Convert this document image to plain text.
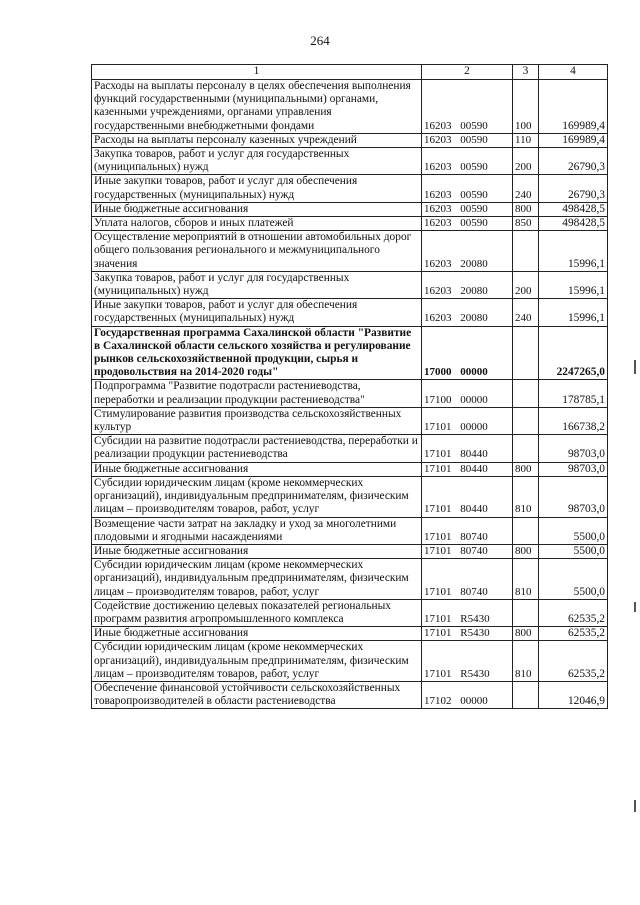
264
1	2	3	4
Расходы на выплаты персоналу в целях обеспечения выполнения функций государственными (муниципальными) органами, казенными учреждениями, органами управления государственными внебюджетными фондами	16203 00590	100	169989,4
Расходы на выплаты персоналу казенных учреждений	16203 00590	110	169989,4
Закупка товаров, работ и услуг для государственных (муниципальных) нужд	16203 00590	200	26790,3
Иные закупки товаров, работ и услуг для обеспечения государственных (муниципальных) нужд	16203 00590	240	26790,3
Иные бюджетные ассигнования	16203 00590	800	498428,5
Уплата налогов, сборов и иных платежей	16203 00590	850	498428,5
Осуществление мероприятий в отношении автомобильных дорог общего пользования регионального и межмуниципального значения	16203 20080		15996,1
Закупка товаров, работ и услуг для государственных (муниципальных) нужд	16203 20080	200	15996,1
Иные закупки товаров, работ и услуг для обеспечения государственных (муниципальных) нужд	16203 20080	240	15996,1
Государственная программа Сахалинской области "Развитие в Сахалинской области сельского хозяйства и регулирование рынков сельскохозяйственной продукции, сырья и продовольствия на 2014-2020 годы"	17000 00000		2247265,0
Подпрограмма "Развитие подотрасли растениеводства, переработки и реализации продукции растениеводства"	17100 00000		178785,1
Стимулирование развития производства сельскохозяйственных культур	17101 00000		166738,2
Субсидии на развитие подотрасли растениеводства, переработки и реализации продукции растениеводства	17101 80440		98703,0
Иные бюджетные ассигнования	17101 80440	800	98703,0
Субсидии юридическим лицам (кроме некоммерческих организаций), индивидуальным предпринимателям, физическим лицам – производителям товаров, работ, услуг	17101 80440	810	98703,0
Возмещение части затрат на закладку и уход за многолетними плодовыми и ягодными насаждениями	17101 80740		5500,0
Иные бюджетные ассигнования	17101 80740	800	5500,0
Субсидии юридическим лицам (кроме некоммерческих организаций), индивидуальным предпринимателям, физическим лицам – производителям товаров, работ, услуг	17101 80740	810	5500,0
Содействие достижению целевых показателей региональных программ развития агропромышленного комплекса	17101 R5430		62535,2
Иные бюджетные ассигнования	17101 R5430	800	62535,2
Субсидии юридическим лицам (кроме некоммерческих организаций), индивидуальным предпринимателям, физическим лицам – производителям товаров, работ, услуг	17101 R5430	810	62535,2
Обеспечение финансовой устойчивости сельскохозяйственных товаропроизводителей в области растениеводства	17102 00000		12046,9
